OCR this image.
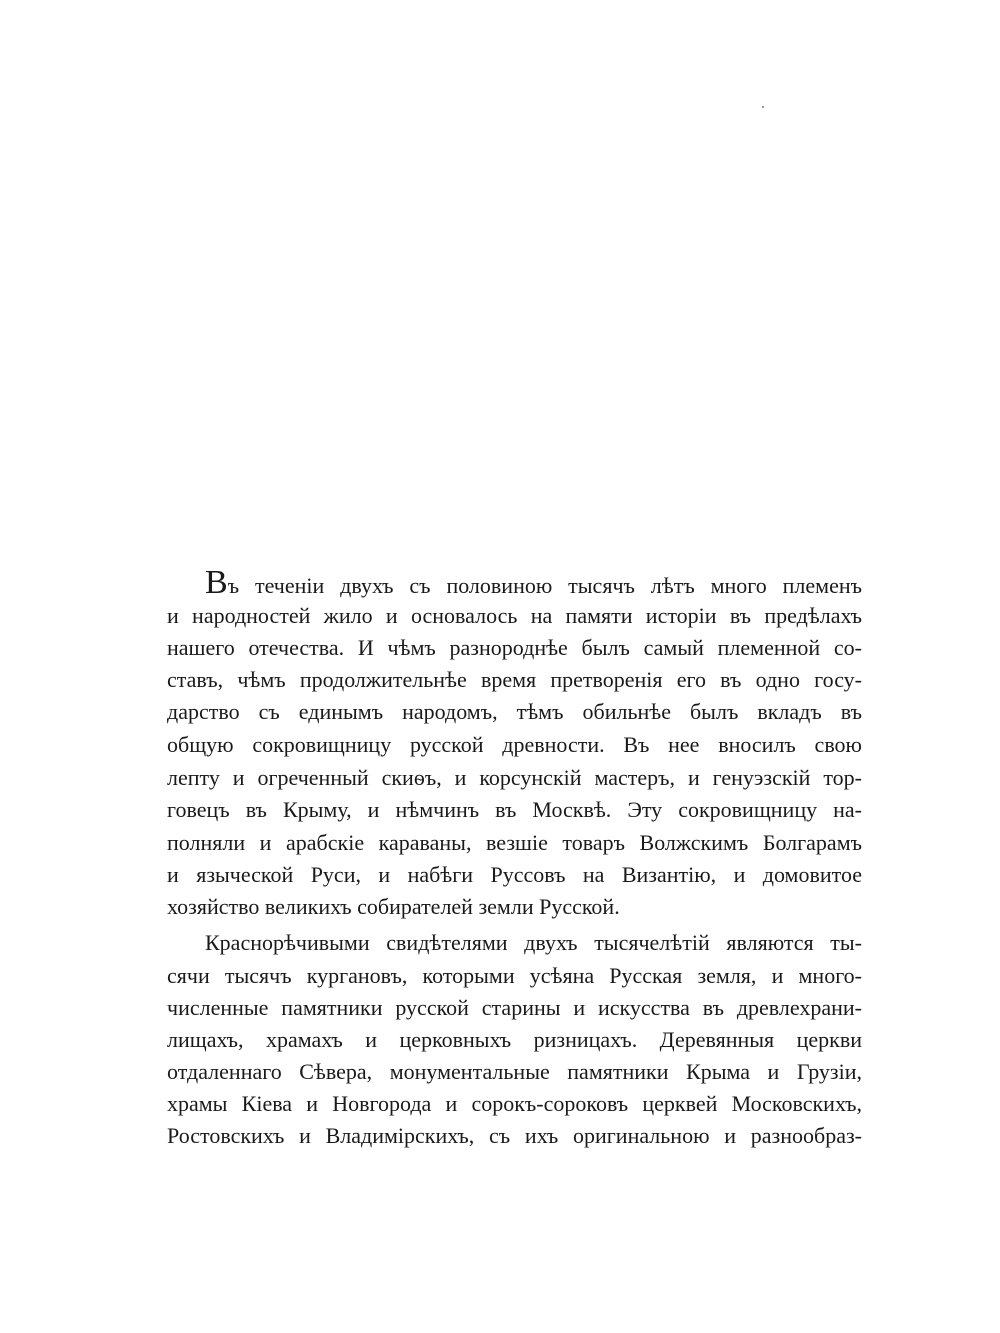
Въ теченіи двухъ съ половиною тысячъ лѣтъ много племенъ
и народностей жило и основалось на памяти исторіи въ предѣлахъ
нашего отечества. И чѣмъ разнороднѣе былъ самый племенной со-
ставъ, чѣмъ продолжительнѣе время претворенія его въ одно госу-
дарство съ единымъ народомъ, тѣмъ обильнѣе былъ вкладъ въ
общую сокровищницу русской древности. Въ нее вносилъ свою
лепту и огреченный скиѳъ, и корсунскій мастеръ, и генуэзскій тор-
говецъ въ Крыму, и нѣмчинъ въ Москвѣ. Эту сокровищницу на-
полняли и арабскіе караваны, везшіе товаръ Волжскимъ Болгарамъ
и языческой Руси, и набѣги Руссовъ на Византію, и домовитое
хозяйство великихъ собирателей земли Русской.
Краснорѣчивыми свидѣтелями двухъ тысячелѣтій являются ты-
сячи тысячъ кургановъ, которыми усѣяна Русская земля, и много-
численные памятники русской старины и искусства въ древлехрани-
лищахъ, храмахъ и церковныхъ ризницахъ. Деревянныя церкви
отдаленнаго Сѣвера, монументальные памятники Крыма и Грузіи,
храмы Кіева и Новгорода и сорокъ-сороковъ церквей Московскихъ,
Ростовскихъ и Владимірскихъ, съ ихъ оригинальною и разнообраз-
